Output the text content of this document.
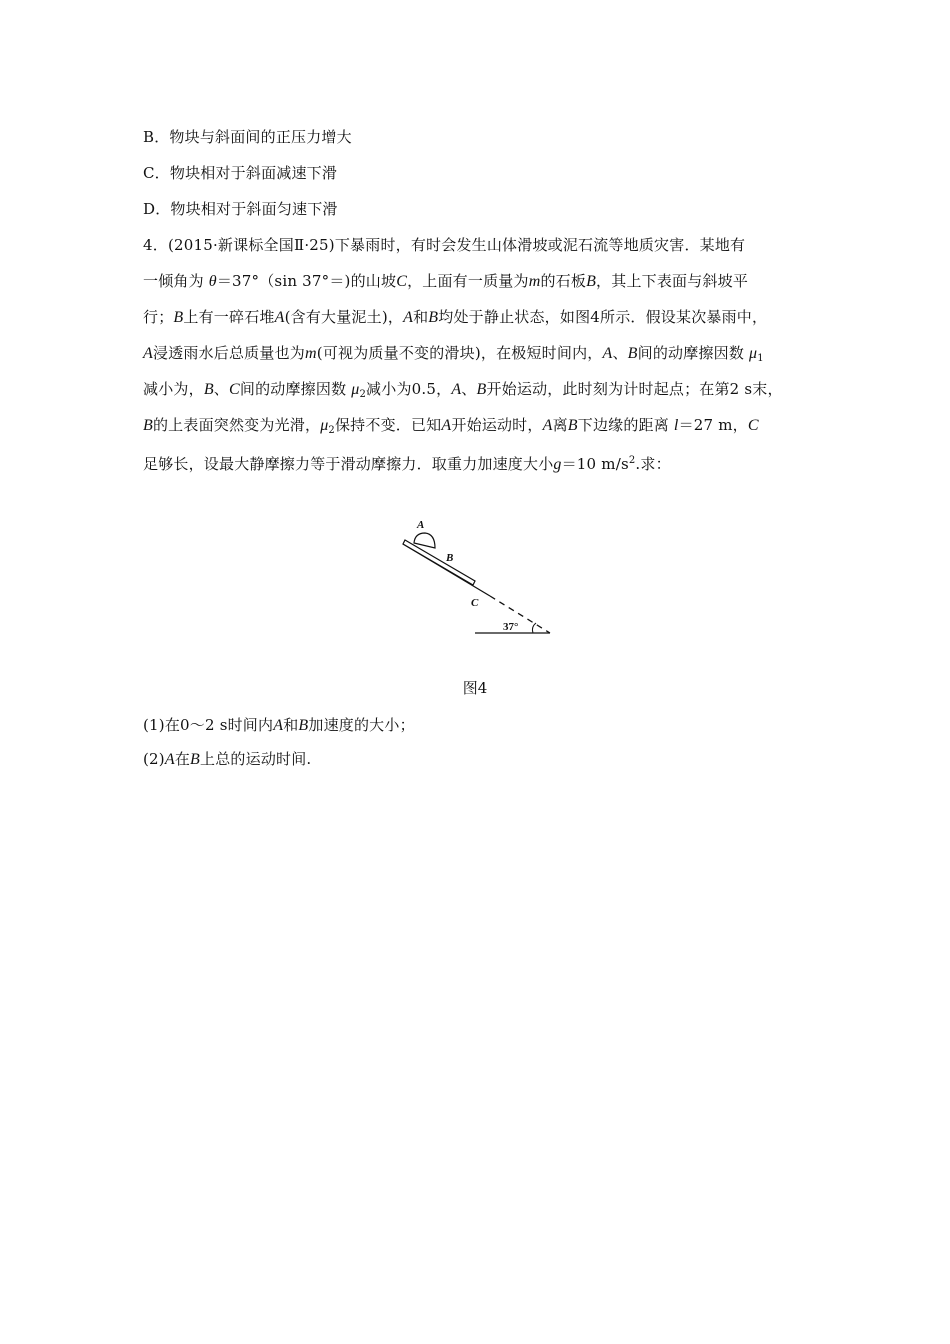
B．物块与斜面间的正压力增大
C．物块相对于斜面减速下滑
D．物块相对于斜面匀速下滑
4．(2015·新课标全国Ⅱ·25)下暴雨时，有时会发生山体滑坡或泥石流等地质灾害．某地有
一倾角为 θ＝37°（sin 37°＝)的山坡C，上面有一质量为m的石板B，其上下表面与斜坡平
行；B上有一碎石堆A(含有大量泥土)，A和B均处于静止状态，如图4所示．假设某次暴雨中，
A浸透雨水后总质量也为m(可视为质量不变的滑块)，在极短时间内，A、B间的动摩擦因数 $\mu_1$
减小为，B、C间的动摩擦因数 $\mu_2$减小为0.5，A、B开始运动，此时刻为计时起点；在第2 s末，
B的上表面突然变为光滑，$\mu_2$保持不变．已知A开始运动时，A离B下边缘的距离 l＝27 m，C
足够长，设最大静摩擦力等于滑动摩擦力．取重力加速度大小g＝10 $m/s^2$.求：
A
B
C
37°
图4
(1)在0～2 s时间内A和B加速度的大小；
(2)A在B上总的运动时间.
